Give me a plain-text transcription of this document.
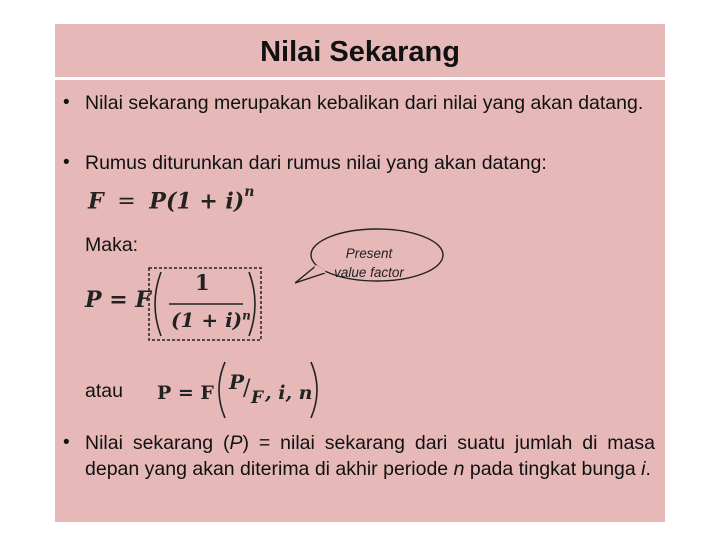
Nilai Sekarang
• Nilai sekarang merupakan kebalikan dari nilai yang akan datang.
• Rumus diturunkan dari rumus nilai yang akan datang:
$F = P(1 + i)^n$
Maka:
P = F
1
$(1 + i)^n$
Present
value factor
atau P = F P
/ F , i, n
• Nilai sekarang (P) = nilai sekarang dari suatu jumlah di masa depan yang akan diterima di akhir periode n pada tingkat bunga i.
